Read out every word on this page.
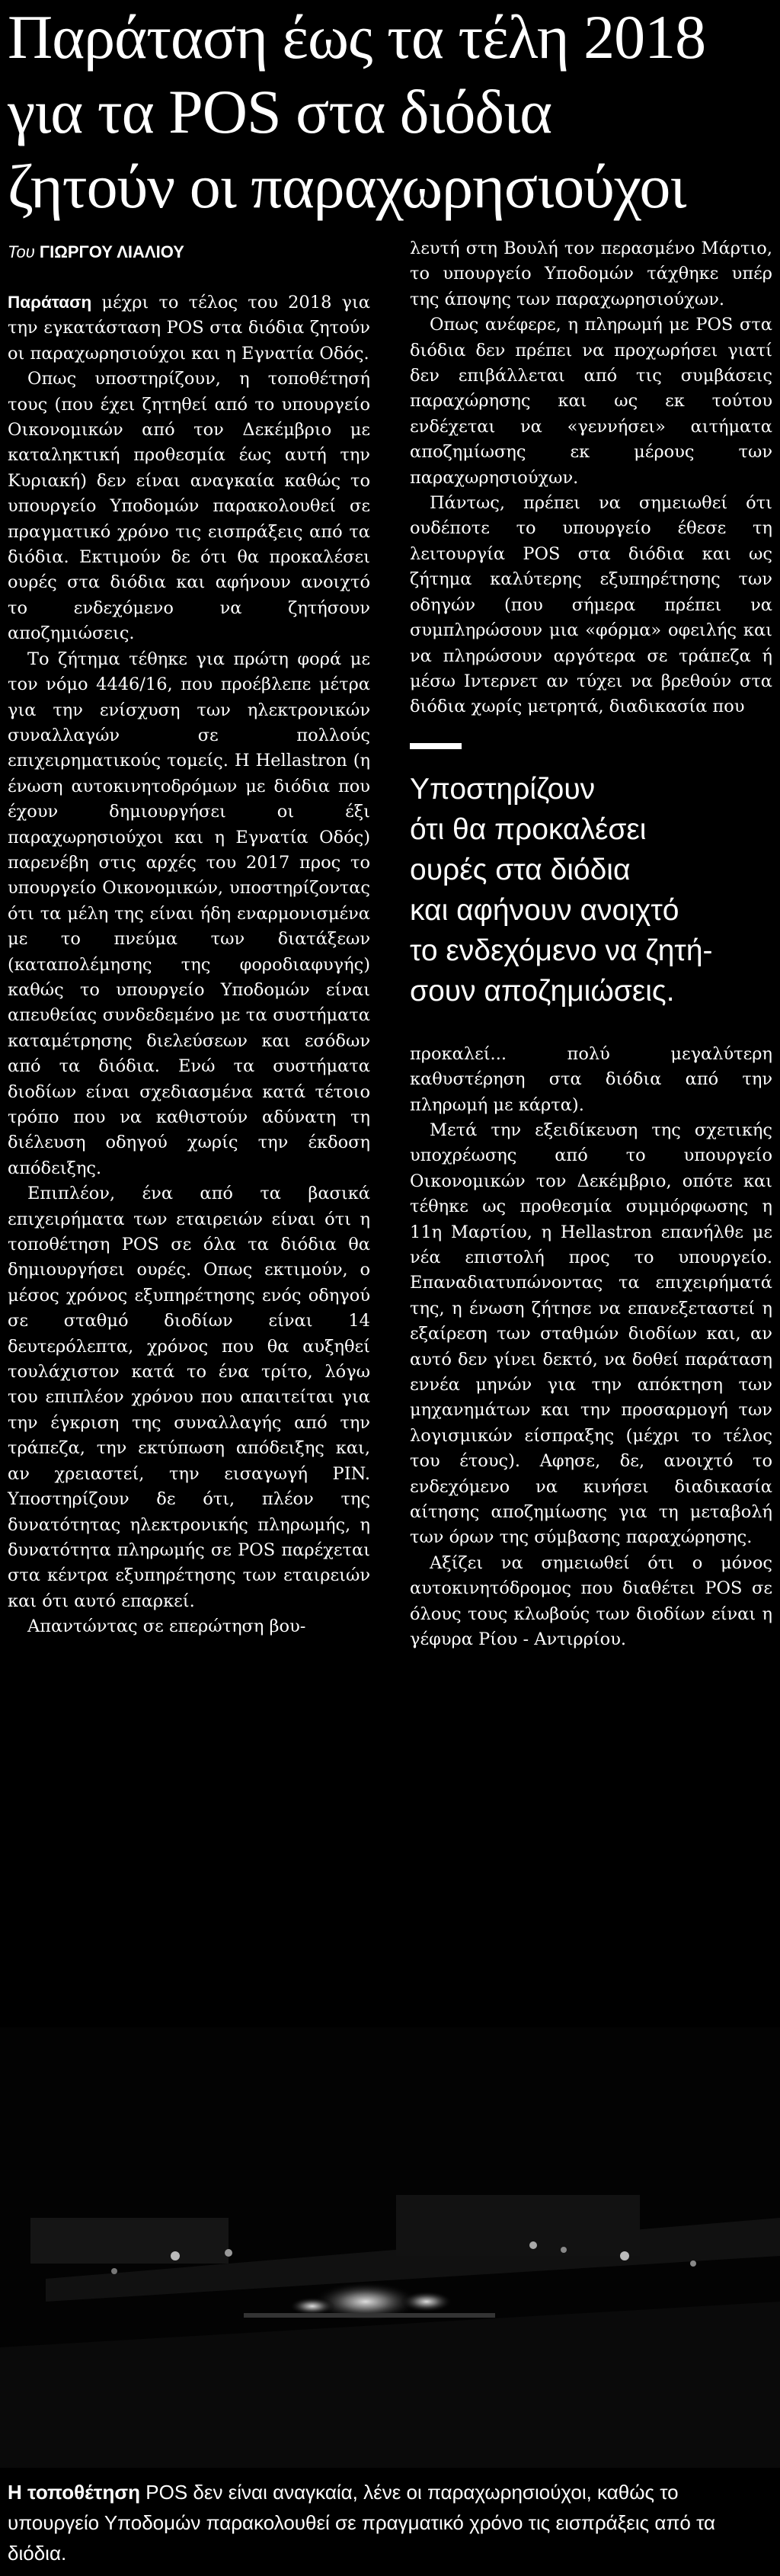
Παράταση έως τα τέλη 2018
για τα POS στα διόδια
ζητούν οι παραχωρησιούχοι
Του ΓΙΩΡΓΟΥ ΛΙΑΛΙΟΥ

Παράταση μέχρι το τέλος του 2018 για την εγκατάσταση POS στα διόδια ζητούν οι παραχωρησιούχοι και η Εγνατία Οδός.

Οπως υποστηρίζουν, η τοποθέτησή τους (που έχει ζητηθεί από το υπουργείο Οικονομικών από τον Δεκέμβριο με καταληκτική προθεσμία έως αυτή την Κυριακή) δεν είναι αναγκαία καθώς το υπουργείο Υποδομών παρακολουθεί σε πραγματικό χρόνο τις εισπράξεις από τα διόδια. Εκτιμούν δε ότι θα προκαλέσει ουρές στα διόδια και αφήνουν ανοιχτό το ενδεχόμενο να ζητήσουν αποζημιώσεις.

Το ζήτημα τέθηκε για πρώτη φορά με τον νόμο 4446/16, που προέβλεπε μέτρα για την ενίσχυση των ηλεκτρονικών συναλλαγών σε πολλούς επιχειρηματικούς τομείς. Η Hellastron (η ένωση αυτοκινητοδρόμων με διόδια που έχουν δημιουργήσει οι έξι παραχωρησιούχοι και η Εγνατία Οδός) παρενέβη στις αρχές του 2017 προς το υπουργείο Οικονομικών, υποστηρίζοντας ότι τα μέλη της είναι ήδη εναρμονισμένα με το πνεύμα των διατάξεων (καταπολέμησης της φοροδιαφυγής) καθώς το υπουργείο Υποδομών είναι απευθείας συνδεδεμένο με τα συστήματα καταμέτρησης διελεύσεων και εσόδων από τα διόδια. Ενώ τα συστήματα διοδίων είναι σχεδιασμένα κατά τέτοιο τρόπο που να καθιστούν αδύνατη τη διέλευση οδηγού χωρίς την έκδοση απόδειξης.

Επιπλέον, ένα από τα βασικά επιχειρήματα των εταιρειών είναι ότι η τοποθέτηση POS σε όλα τα διόδια θα δημιουργήσει ουρές. Οπως εκτιμούν, ο μέσος χρόνος εξυπηρέτησης ενός οδηγού σε σταθμό διοδίων είναι 14 δευτερόλεπτα, χρόνος που θα αυξηθεί τουλάχιστον κατά το ένα τρίτο, λόγω του επιπλέον χρόνου που απαιτείται για την έγκριση της συναλλαγής από την τράπεζα, την εκτύπωση απόδειξης και, αν χρειαστεί, την εισαγωγή PIN. Υποστηρίζουν δε ότι, πλέον της δυνατότητας ηλεκτρονικής πληρωμής, η δυνατότητα πληρωμής σε POS παρέχεται στα κέντρα εξυπηρέτησης των εταιρειών και ότι αυτό επαρκεί.

Απαντώντας σε επερώτηση βου-

λευτή στη Βουλή τον περασμένο Μάρτιο, το υπουργείο Υποδομών τάχθηκε υπέρ της άποψης των παραχωρησιούχων.

Οπως ανέφερε, η πληρωμή με POS στα διόδια δεν πρέπει να προχωρήσει γιατί δεν επιβάλλεται από τις συμβάσεις παραχώρησης και ως εκ τούτου ενδέχεται να «γεννήσει» αιτήματα αποζημίωσης εκ μέρους των παραχωρησιούχων.

Πάντως, πρέπει να σημειωθεί ότι ουδέποτε το υπουργείο έθεσε τη λειτουργία POS στα διόδια και ως ζήτημα καλύτερης εξυπηρέτησης των οδηγών (που σήμερα πρέπει να συμπληρώσουν μια «φόρμα» οφειλής και να πληρώσουν αργότερα σε τράπεζα ή μέσω Ιντερνετ αν τύχει να βρεθούν στα διόδια χωρίς μετρητά, διαδικασία που

Υποστηρίζουν
ότι θα προκαλέσει
ουρές στα διόδια
και αφήνουν ανοιχτό
το ενδεχόμενο να ζητή-
σουν αποζημιώσεις.

προκαλεί... πολύ μεγαλύτερη καθυστέρηση στα διόδια από την πληρωμή με κάρτα).

Μετά την εξειδίκευση της σχετικής υποχρέωσης από το υπουργείο Οικονομικών τον Δεκέμβριο, οπότε και τέθηκε ως προθεσμία συμμόρφωσης η 11η Μαρτίου, η Hellastron επανήλθε με νέα επιστολή προς το υπουργείο. Επαναδιατυπώνοντας τα επιχειρήματά της, η ένωση ζήτησε να επανεξεταστεί η εξαίρεση των σταθμών διοδίων και, αν αυτό δεν γίνει δεκτό, να δοθεί παράταση εννέα μηνών για την απόκτηση των μηχανημάτων και την προσαρμογή των λογισμικών είσπραξης (μέχρι το τέλος του έτους). Αφησε, δε, ανοιχτό το ενδεχόμενο να κινήσει διαδικασία αίτησης αποζημίωσης για τη μεταβολή των όρων της σύμβασης παραχώρησης.

Αξίζει να σημειωθεί ότι ο μόνος αυτοκινητόδρομος που διαθέτει POS σε όλους τους κλωβούς των διοδίων είναι η γέφυρα Ρίου - Αντιρρίου.

Η τοποθέτηση POS δεν είναι αναγκαία, λένε οι παραχωρησιούχοι, καθώς το υπουργείο Υποδομών παρακολουθεί σε πραγματικό χρόνο τις εισπράξεις από τα διόδια.
